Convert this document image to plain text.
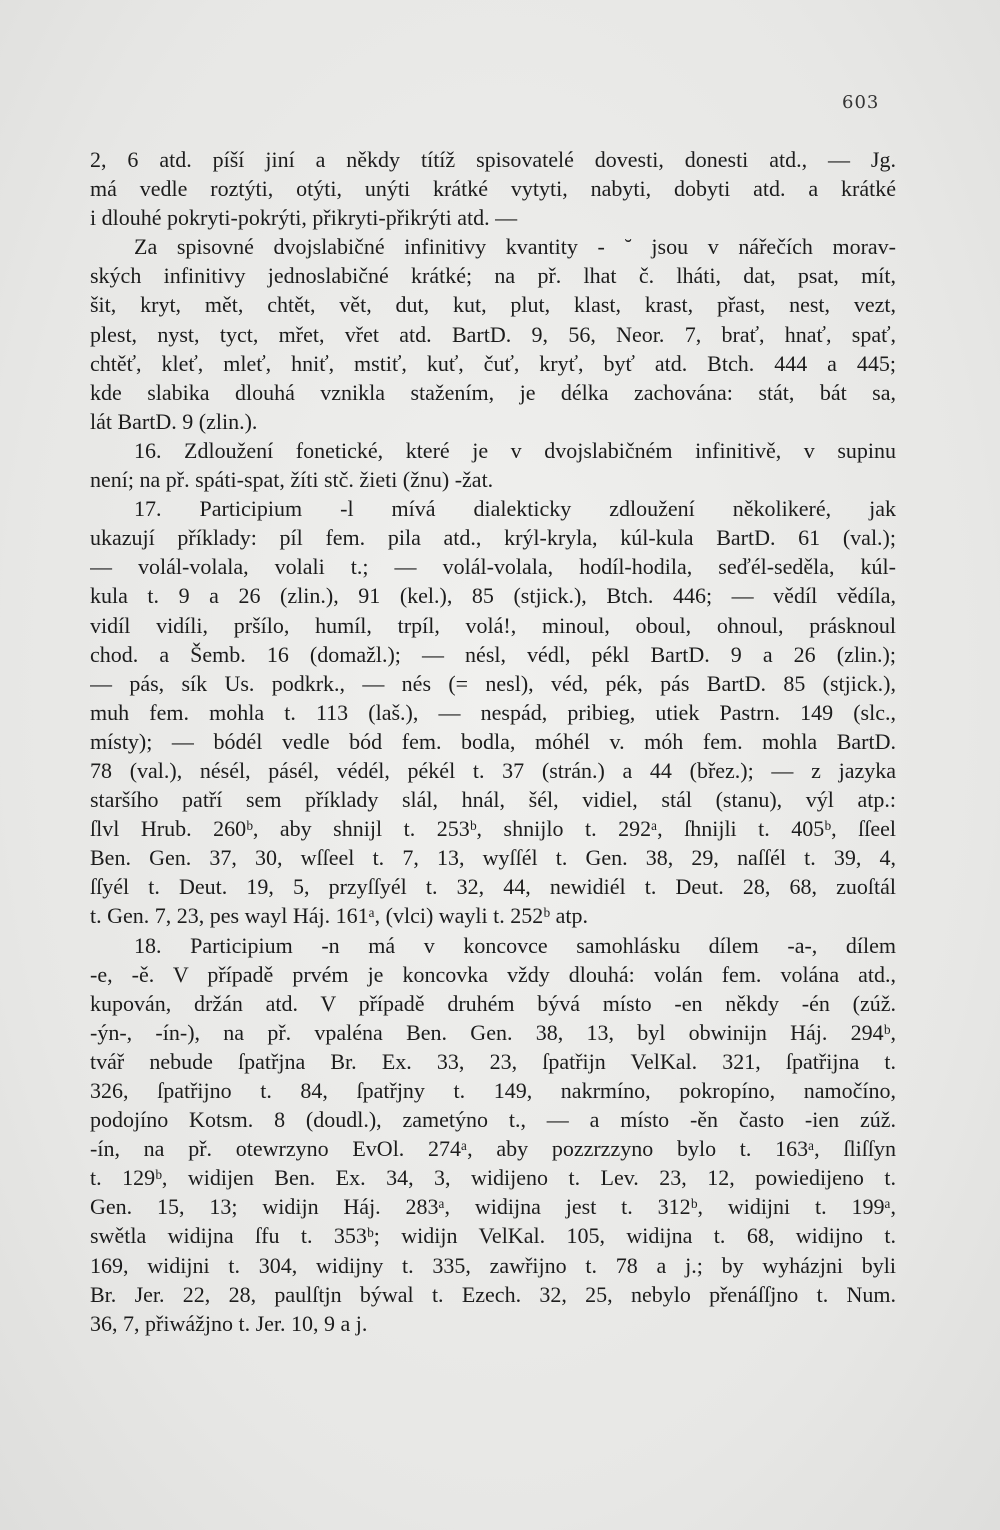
603
2, 6 atd. píší jiní a někdy títíž spisovatelé dovesti, donesti atd., — Jg.
má vedle roztýti, otýti, unýti krátké vytyti, nabyti, dobyti atd. a krátké
i dlouhé pokryti-pokrýti, přikryti-přikrýti atd. —
Za spisovné dvojslabičné infinitivy kvantity - ˘ jsou v nářečích morav-
ských infinitivy jednoslabičné krátké; na př. lhat č. lháti, dat, psat, mít,
šit, kryt, mět, chtět, vět, dut, kut, plut, klast, krast, přast, nest, vezt,
plest, nyst, tyct, mřet, vřet atd. BartD. 9, 56, Neor. 7, brať, hnať, spať,
chtěť, kleť, mleť, hniť, mstiť, kuť, čuť, kryť, byť atd. Btch. 444 a 445;
kde slabika dlouhá vznikla stažením, je délka zachována: stát, bát sa,
lát BartD. 9 (zlin.).
16. Zdloužení fonetické, které je v dvojslabičném infinitivě, v supinu
není; na př. spáti-spat, žíti stč. žieti (žnu) -žat.
17. Participium -l mívá dialekticky zdloužení několikeré, jak
ukazují příklady: píl fem. pila atd., krýl-kryla, kúl-kula BartD. 61 (val.);
— volál-volala, volali t.; — volál-volala, hodíl-hodila, seďél-seděla, kúl-
kula t. 9 a 26 (zlin.), 91 (kel.), 85 (stjick.), Btch. 446; — vědíl vědíla,
vidíl vidíli, pršílo, humíl, trpíl, volá!, minoul, oboul, ohnoul, prásknoul
chod. a Šemb. 16 (domažl.); — nésl, védl, pékl BartD. 9 a 26 (zlin.);
— pás, sík Us. podkrk., — nés (= nesl), véd, pék, pás BartD. 85 (stjick.),
muh fem. mohla t. 113 (laš.), — nespád, pribieg, utiek Pastrn. 149 (slc.,
místy); — bódél vedle bód fem. bodla, móhél v. móh fem. mohla BartD.
78 (val.), nésél, pásél, védél, pékél t. 37 (strán.) a 44 (břez.); — z jazyka
staršího patří sem příklady slál, hnál, šél, vidiel, stál (stanu), výl atp.:
ſlvl Hrub. 260ᵇ, aby shnijl t. 253ᵇ, shnijlo t. 292ᵃ, ſhnijli t. 405ᵇ, ſſeel
Ben. Gen. 37, 30, wſſeel t. 7, 13, wyſſél t. Gen. 38, 29, naſſél t. 39, 4,
ſſyél t. Deut. 19, 5, przyſſyél t. 32, 44, newidiél t. Deut. 28, 68, zuoſtál
t. Gen. 7, 23, pes wayl Háj. 161ᵃ, (vlci) wayli t. 252ᵇ atp.
18. Participium -n má v koncovce samohlásku dílem -a-, dílem
-e, -ě. V případě prvém je koncovka vždy dlouhá: volán fem. volána atd.,
kupován, držán atd. V případě druhém bývá místo -en někdy -én (zúž.
-ýn-, -ín-), na př. vpaléna Ben. Gen. 38, 13, byl obwinijn Háj. 294ᵇ,
tvář nebude ſpatřjna Br. Ex. 33, 23, ſpatřijn VelKal. 321, ſpatřijna t.
326, ſpatřijno t. 84, ſpatřjny t. 149, nakrmíno, pokropíno, namočíno,
podojíno Kotsm. 8 (doudl.), zametýno t., — a místo -ěn často -ien zúž.
-ín, na př. otewrzyno EvOl. 274ᵃ, aby pozzrzzyno bylo t. 163ᵃ, ſliſſyn
t. 129ᵇ, widijen Ben. Ex. 34, 3, widijeno t. Lev. 23, 12, powiedijeno t.
Gen. 15, 13; widijn Háj. 283ᵃ, widijna jest t. 312ᵇ, widijni t. 199ᵃ,
swětla widijna ſfu t. 353ᵇ; widijn VelKal. 105, widijna t. 68, widijno t.
169, widijni t. 304, widijny t. 335, zawřijno t. 78 a j.; by wyházjni byli
Br. Jer. 22, 28, paulſtjn býwal t. Ezech. 32, 25, nebylo přenáſſjno t. Num.
36, 7, přiwážjno t. Jer. 10, 9 a j.
